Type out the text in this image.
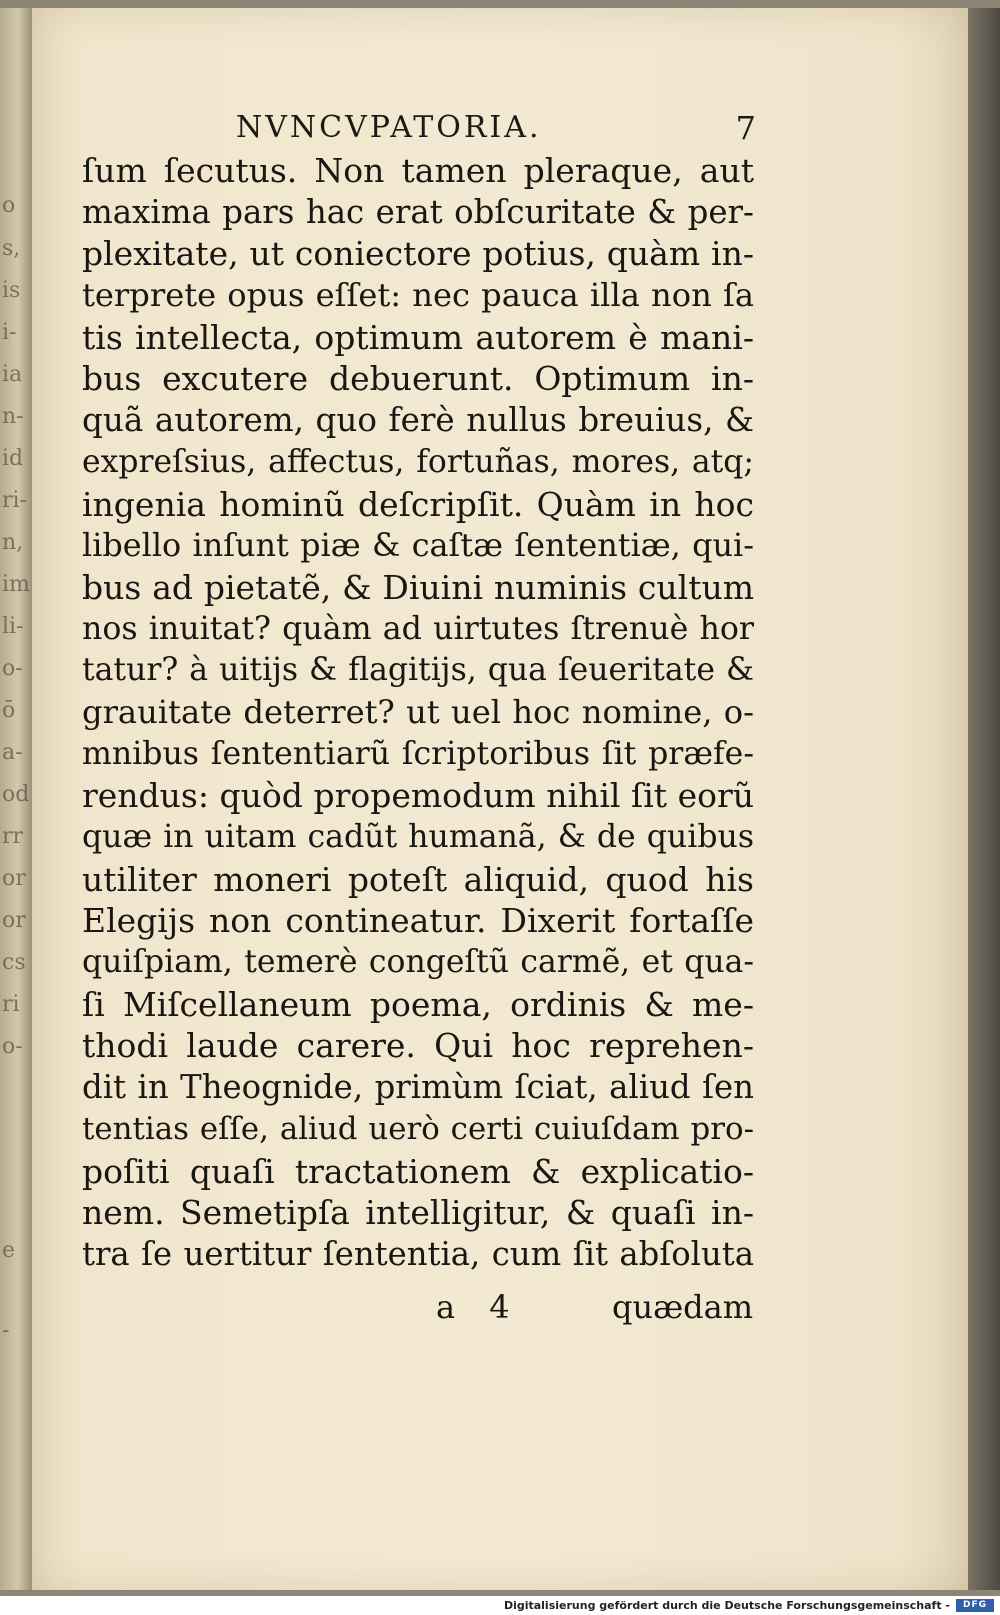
o
s,
is
i-
ia
n-
id
ri-
n,
im
li-
o-
ō
a-
od
rr
or
or
cs
ri
o-
e
-
NVNCVPATORIA.	7
ſum ſecutus. Non tamen pleraque, aut
maxima pars hac erat obſcuritate & per-
plexitate, ut coniectore potius, quàm in-
terprete opus eſſet: nec pauca illa non ſa
tis intellecta, optimum autorem è mani-
bus excutere debuerunt. Optimum in-
quã autorem, quo ferè nullus breuius, &
expreſsius, affectus, fortuñas, mores, atq;
ingenia hominũ deſcripſit. Quàm in hoc
libello inſunt piæ & caſtæ ſententiæ, qui-
bus ad pietatẽ, & Diuini numinis cultum
nos inuitat? quàm ad uirtutes ſtrenuè hor
tatur? à uitijs & flagitijs, qua ſeueritate &
grauitate deterret? ut uel hoc nomine, o-
mnibus ſententiarũ ſcriptoribus ſit præfe-
rendus: quòd propemodum nihil ſit eorũ
quæ in uitam cadũt humanã, & de quibus
utiliter moneri poteſt aliquid, quod his
Elegijs non contineatur. Dixerit fortaſſe
quiſpiam, temerè congeſtũ carmẽ, et qua-
ſi Miſcellaneum poema, ordinis & me-
thodi laude carere. Qui hoc reprehen-
dit in Theognide, primùm ſciat, aliud ſen
tentias eſſe, aliud uerò certi cuiuſdam pro-
poſiti quaſi tractationem & explicatio-
nem. Semetipſa intelligitur, & quaſi in-
tra ſe uertitur ſententia, cum ſit abſoluta
a 4	quædam
Digitalisierung gefördert durch die Deutsche Forschungsgemeinschaft -	DFG
